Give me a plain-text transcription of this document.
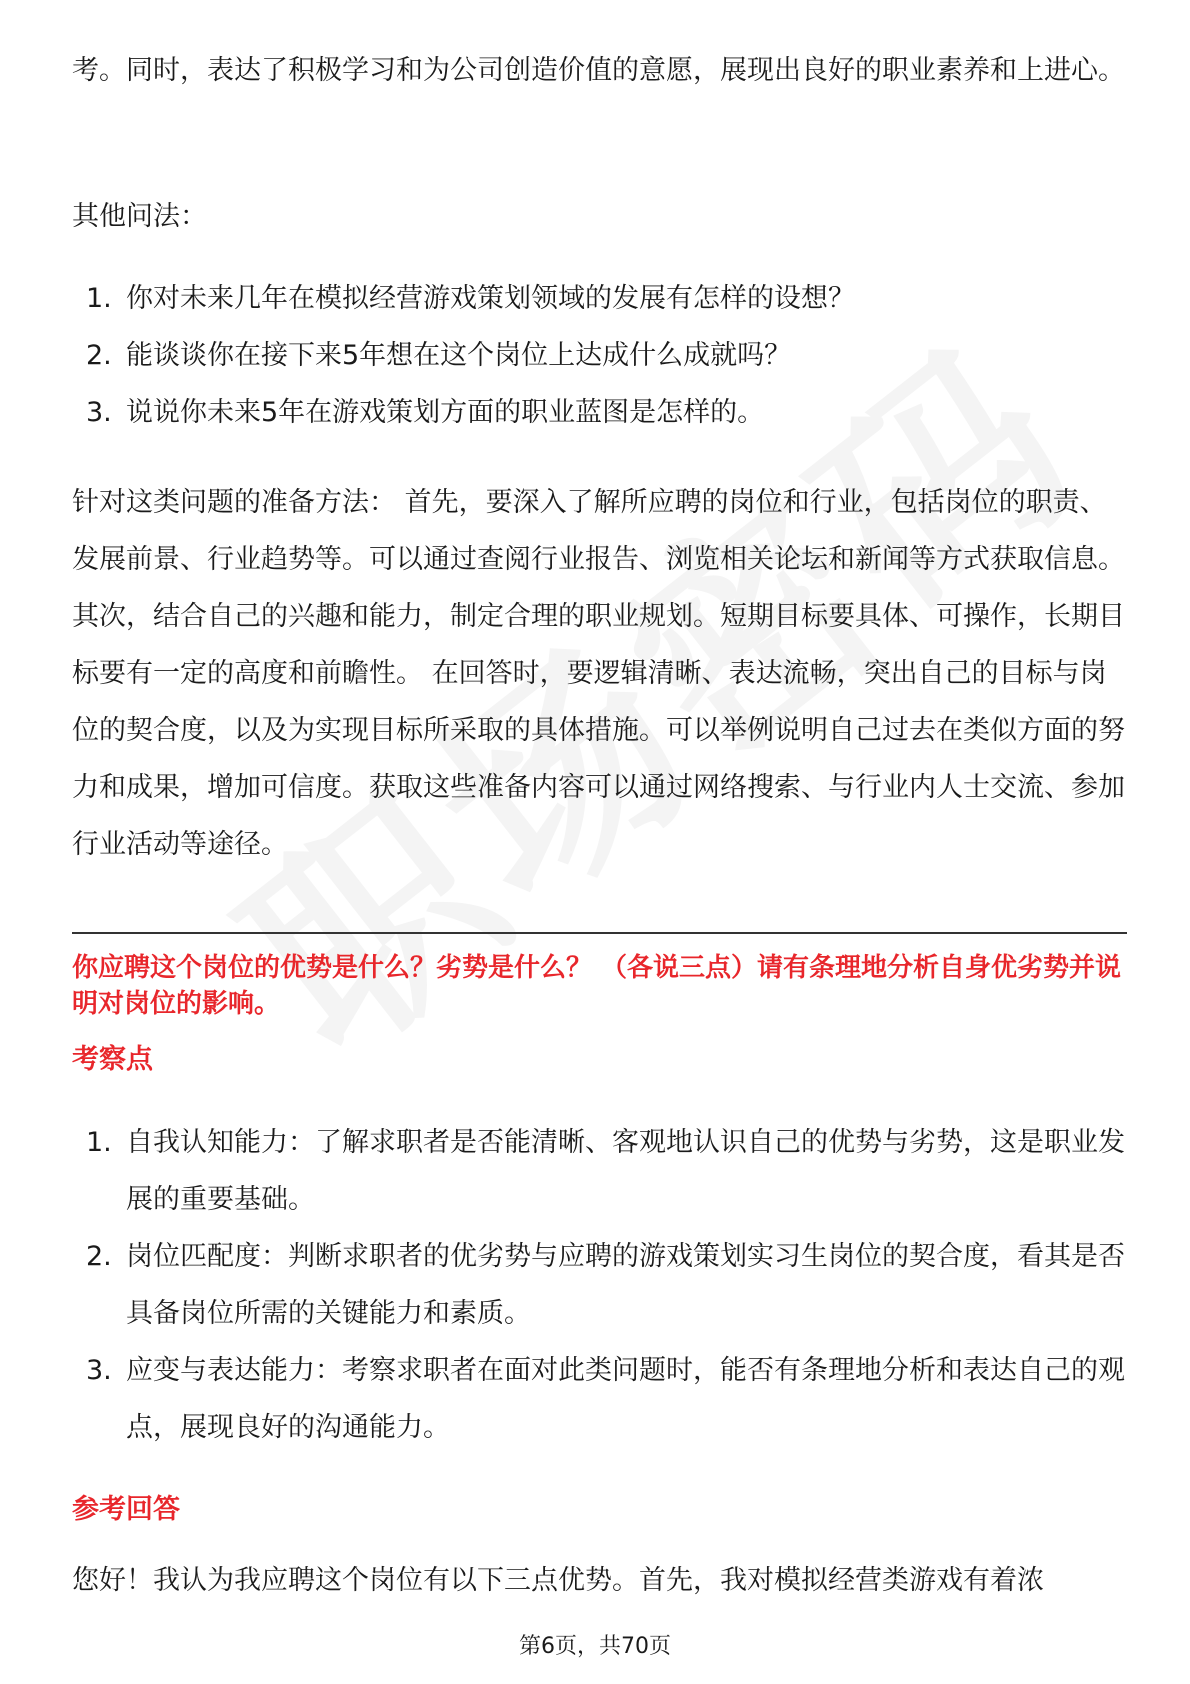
考。同时，表达了积极学习和为公司创造价值的意愿，展现出良好的职业素养和上进心。

其他问法：

1. 你对未来几年在模拟经营游戏策划领域的发展有怎样的设想？
2. 能谈谈你在接下来5年想在这个岗位上达成什么成就吗？
3. 说说你未来5年在游戏策划方面的职业蓝图是怎样的。

针对这类问题的准备方法： 首先，要深入了解所应聘的岗位和行业，包括岗位的职责、发展前景、行业趋势等。可以通过查阅行业报告、浏览相关论坛和新闻等方式获取信息。 其次，结合自己的兴趣和能力，制定合理的职业规划。短期目标要具体、可操作，长期目标要有一定的高度和前瞻性。 在回答时，要逻辑清晰、表达流畅，突出自己的目标与岗位的契合度，以及为实现目标所采取的具体措施。可以举例说明自己过去在类似方面的努力和成果，增加可信度。获取这些准备内容可以通过网络搜索、与行业内人士交流、参加行业活动等途径。

你应聘这个岗位的优势是什么？劣势是什么？ （各说三点）请有条理地分析自身优劣势并说明对岗位的影响。
考察点
1. 自我认知能力：了解求职者是否能清晰、客观地认识自己的优势与劣势，这是职业发展的重要基础。
2. 岗位匹配度：判断求职者的优劣势与应聘的游戏策划实习生岗位的契合度，看其是否具备岗位所需的关键能力和素质。
3. 应变与表达能力：考察求职者在面对此类问题时，能否有条理地分析和表达自己的观点，展现良好的沟通能力。
参考回答

您好！我认为我应聘这个岗位有以下三点优势。首先，我对模拟经营类游戏有着浓

第6页，共70页
